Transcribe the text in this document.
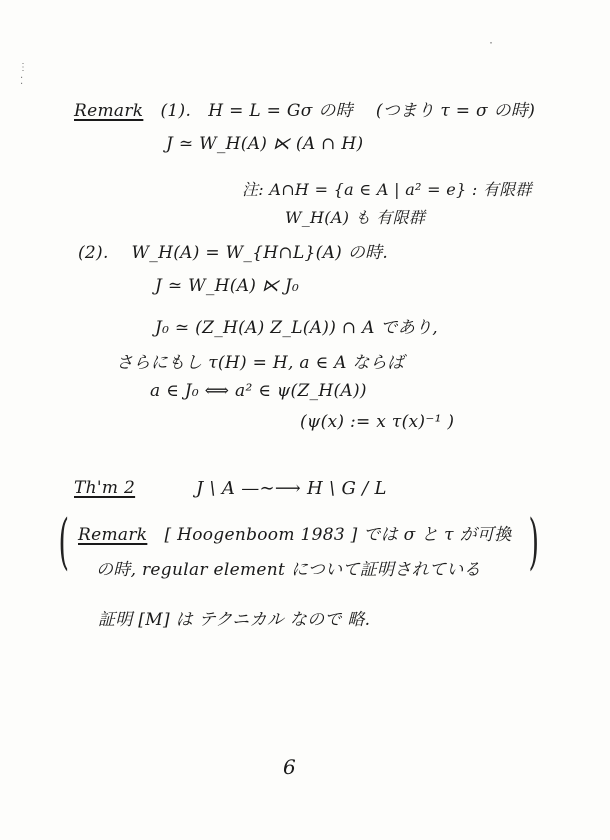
⋮
⁚
·
Remark (1). H = L = Gσ の時 (つまり τ = σ の時)
J ≃ W_H(A) ⋉ (A ∩ H)
注: A∩H = {a ∈ A | a² = e} : 有限群
W_H(A) も 有限群
(2). W_H(A) = W_{H∩L}(A) の時.
J ≃ W_H(A) ⋉ J₀
J₀ ≃ (Z_H(A) Z_L(A)) ∩ A であり,
さらにもし τ(H) = H, a ∈ A ならば
a ∈ J₀ ⟺ a² ∈ ψ(Z_H(A))
(ψ(x) := x τ(x)⁻¹ )
Th'm 2	J \ A —∼⟶ H \ G / L
(	)
Remark [ Hoogenboom 1983 ] では σ と τ が可換
の時, regular element について証明されている
証明 [M] は テクニカル なので 略.
6
